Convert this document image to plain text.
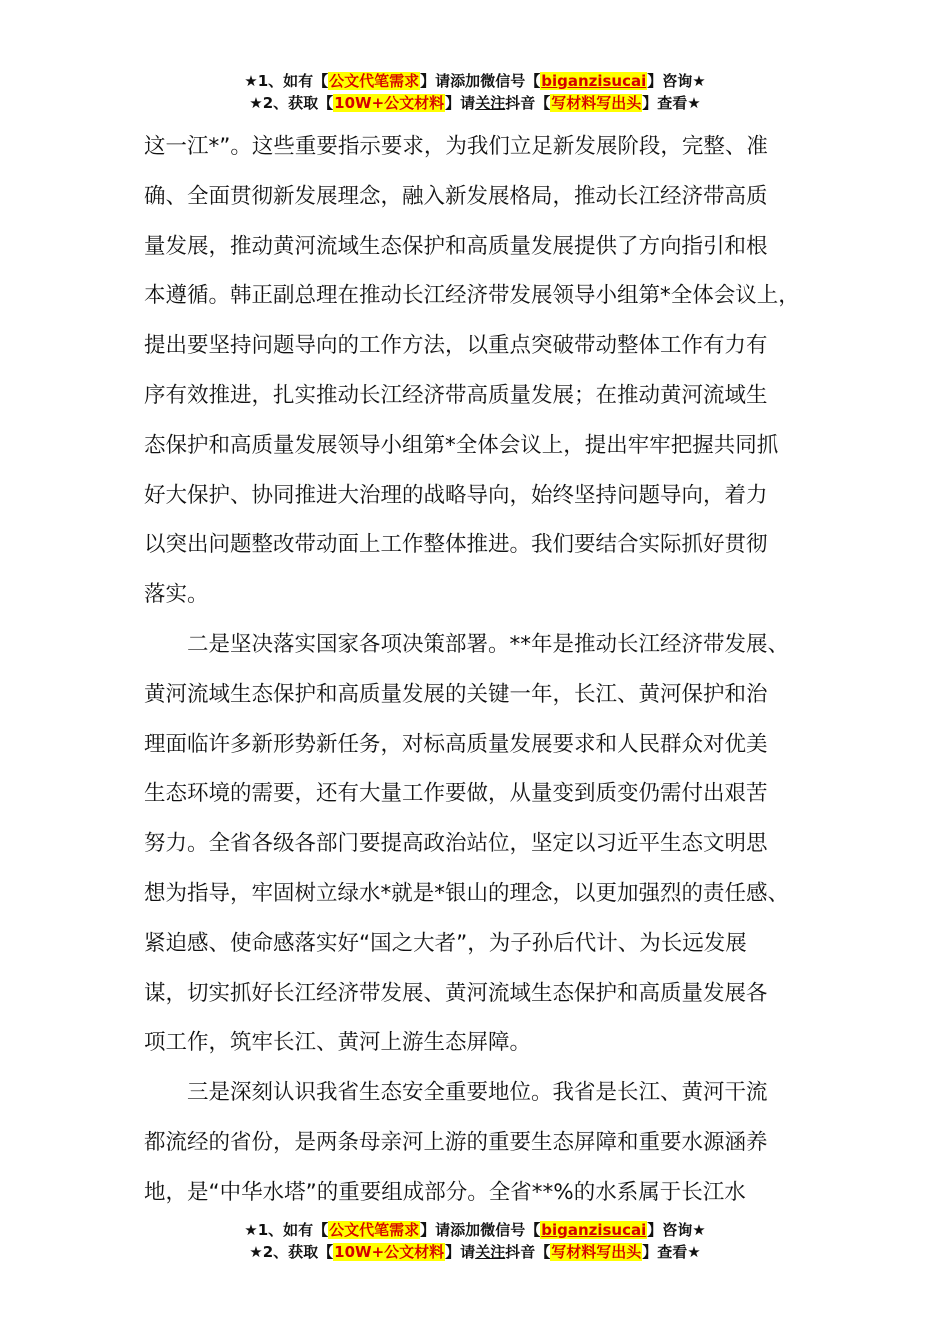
★1、如有【公文代笔需求】请添加微信号【biganzisucai】咨询★
★2、获取【10W+公文材料】请关注抖音【写材料写出头】查看★

这一江*”。这些重要指示要求，为我们立足新发展阶段，完整、准
确、全面贯彻新发展理念，融入新发展格局，推动长江经济带高质
量发展，推动黄河流域生态保护和高质量发展提供了方向指引和根
本遵循。韩正副总理在推动长江经济带发展领导小组第*全体会议上，
提出要坚持问题导向的工作方法，以重点突破带动整体工作有力有
序有效推进，扎实推动长江经济带高质量发展；在推动黄河流域生
态保护和高质量发展领导小组第*全体会议上，提出牢牢把握共同抓
好大保护、协同推进大治理的战略导向，始终坚持问题导向，着力
以突出问题整改带动面上工作整体推进。我们要结合实际抓好贯彻
落实。

二是坚决落实国家各项决策部署。**年是推动长江经济带发展、
黄河流域生态保护和高质量发展的关键一年，长江、黄河保护和治
理面临许多新形势新任务，对标高质量发展要求和人民群众对优美
生态环境的需要，还有大量工作要做，从量变到质变仍需付出艰苦
努力。全省各级各部门要提高政治站位，坚定以习近平生态文明思
想为指导，牢固树立绿水*就是*银山的理念，以更加强烈的责任感、
紧迫感、使命感落实好“国之大者”，为子孙后代计、为长远发展
谋，切实抓好长江经济带发展、黄河流域生态保护和高质量发展各
项工作，筑牢长江、黄河上游生态屏障。

三是深刻认识我省生态安全重要地位。我省是长江、黄河干流
都流经的省份，是两条母亲河上游的重要生态屏障和重要水源涵养
地，是“中华水塔”的重要组成部分。全省**%的水系属于长江水

★1、如有【公文代笔需求】请添加微信号【biganzisucai】咨询★
★2、获取【10W+公文材料】请关注抖音【写材料写出头】查看★
